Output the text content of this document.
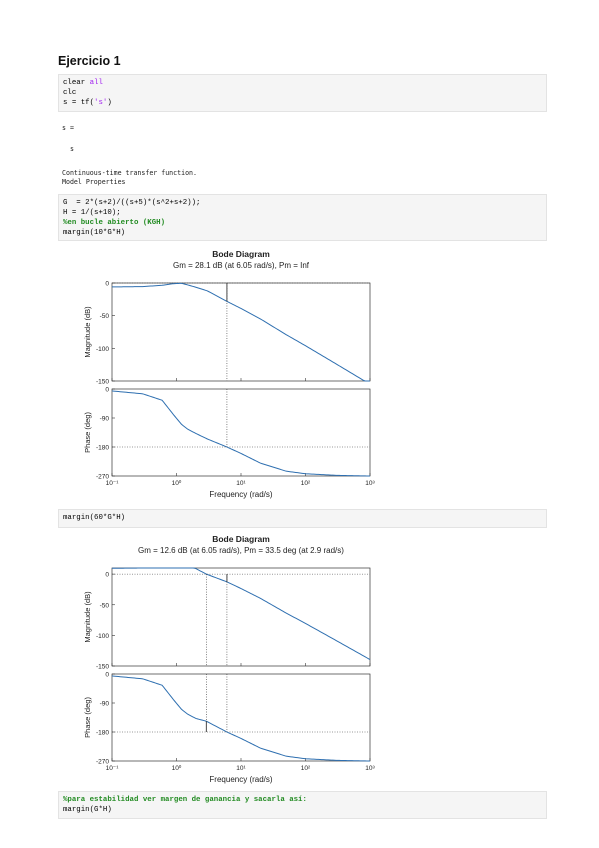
Ejercicio 1
clear all
clc
s = tf('s')
s =
s
Continuous-time transfer function.
Model Properties
G  = 2*(s+2)/((s+5)*(s^2+s+2));
H = 1/(s+10);
%en bucle abierto (KGH)
margin(10*G*H)
Bode Diagram
Gm = 28.1 dB (at 6.05 rad/s), Pm = Inf
10⁻¹	10⁰	10¹	10²	10³
Frequency (rad/s)
0
-50
-100
-150
0
-90
-180
-270
Magnitude (dB)
Phase (deg)
margin(60*G*H)
Bode Diagram
Gm = 12.6 dB (at 6.05 rad/s), Pm = 33.5 deg (at 2.9 rad/s)
10⁻¹	10⁰	10¹	10²	10³
Frequency (rad/s)
0
-50
-100
-150
0
-90
-180
-270
Magnitude (dB)
Phase (deg)
%para estabilidad ver margen de ganancia y sacarla así:
margin(G*H)
